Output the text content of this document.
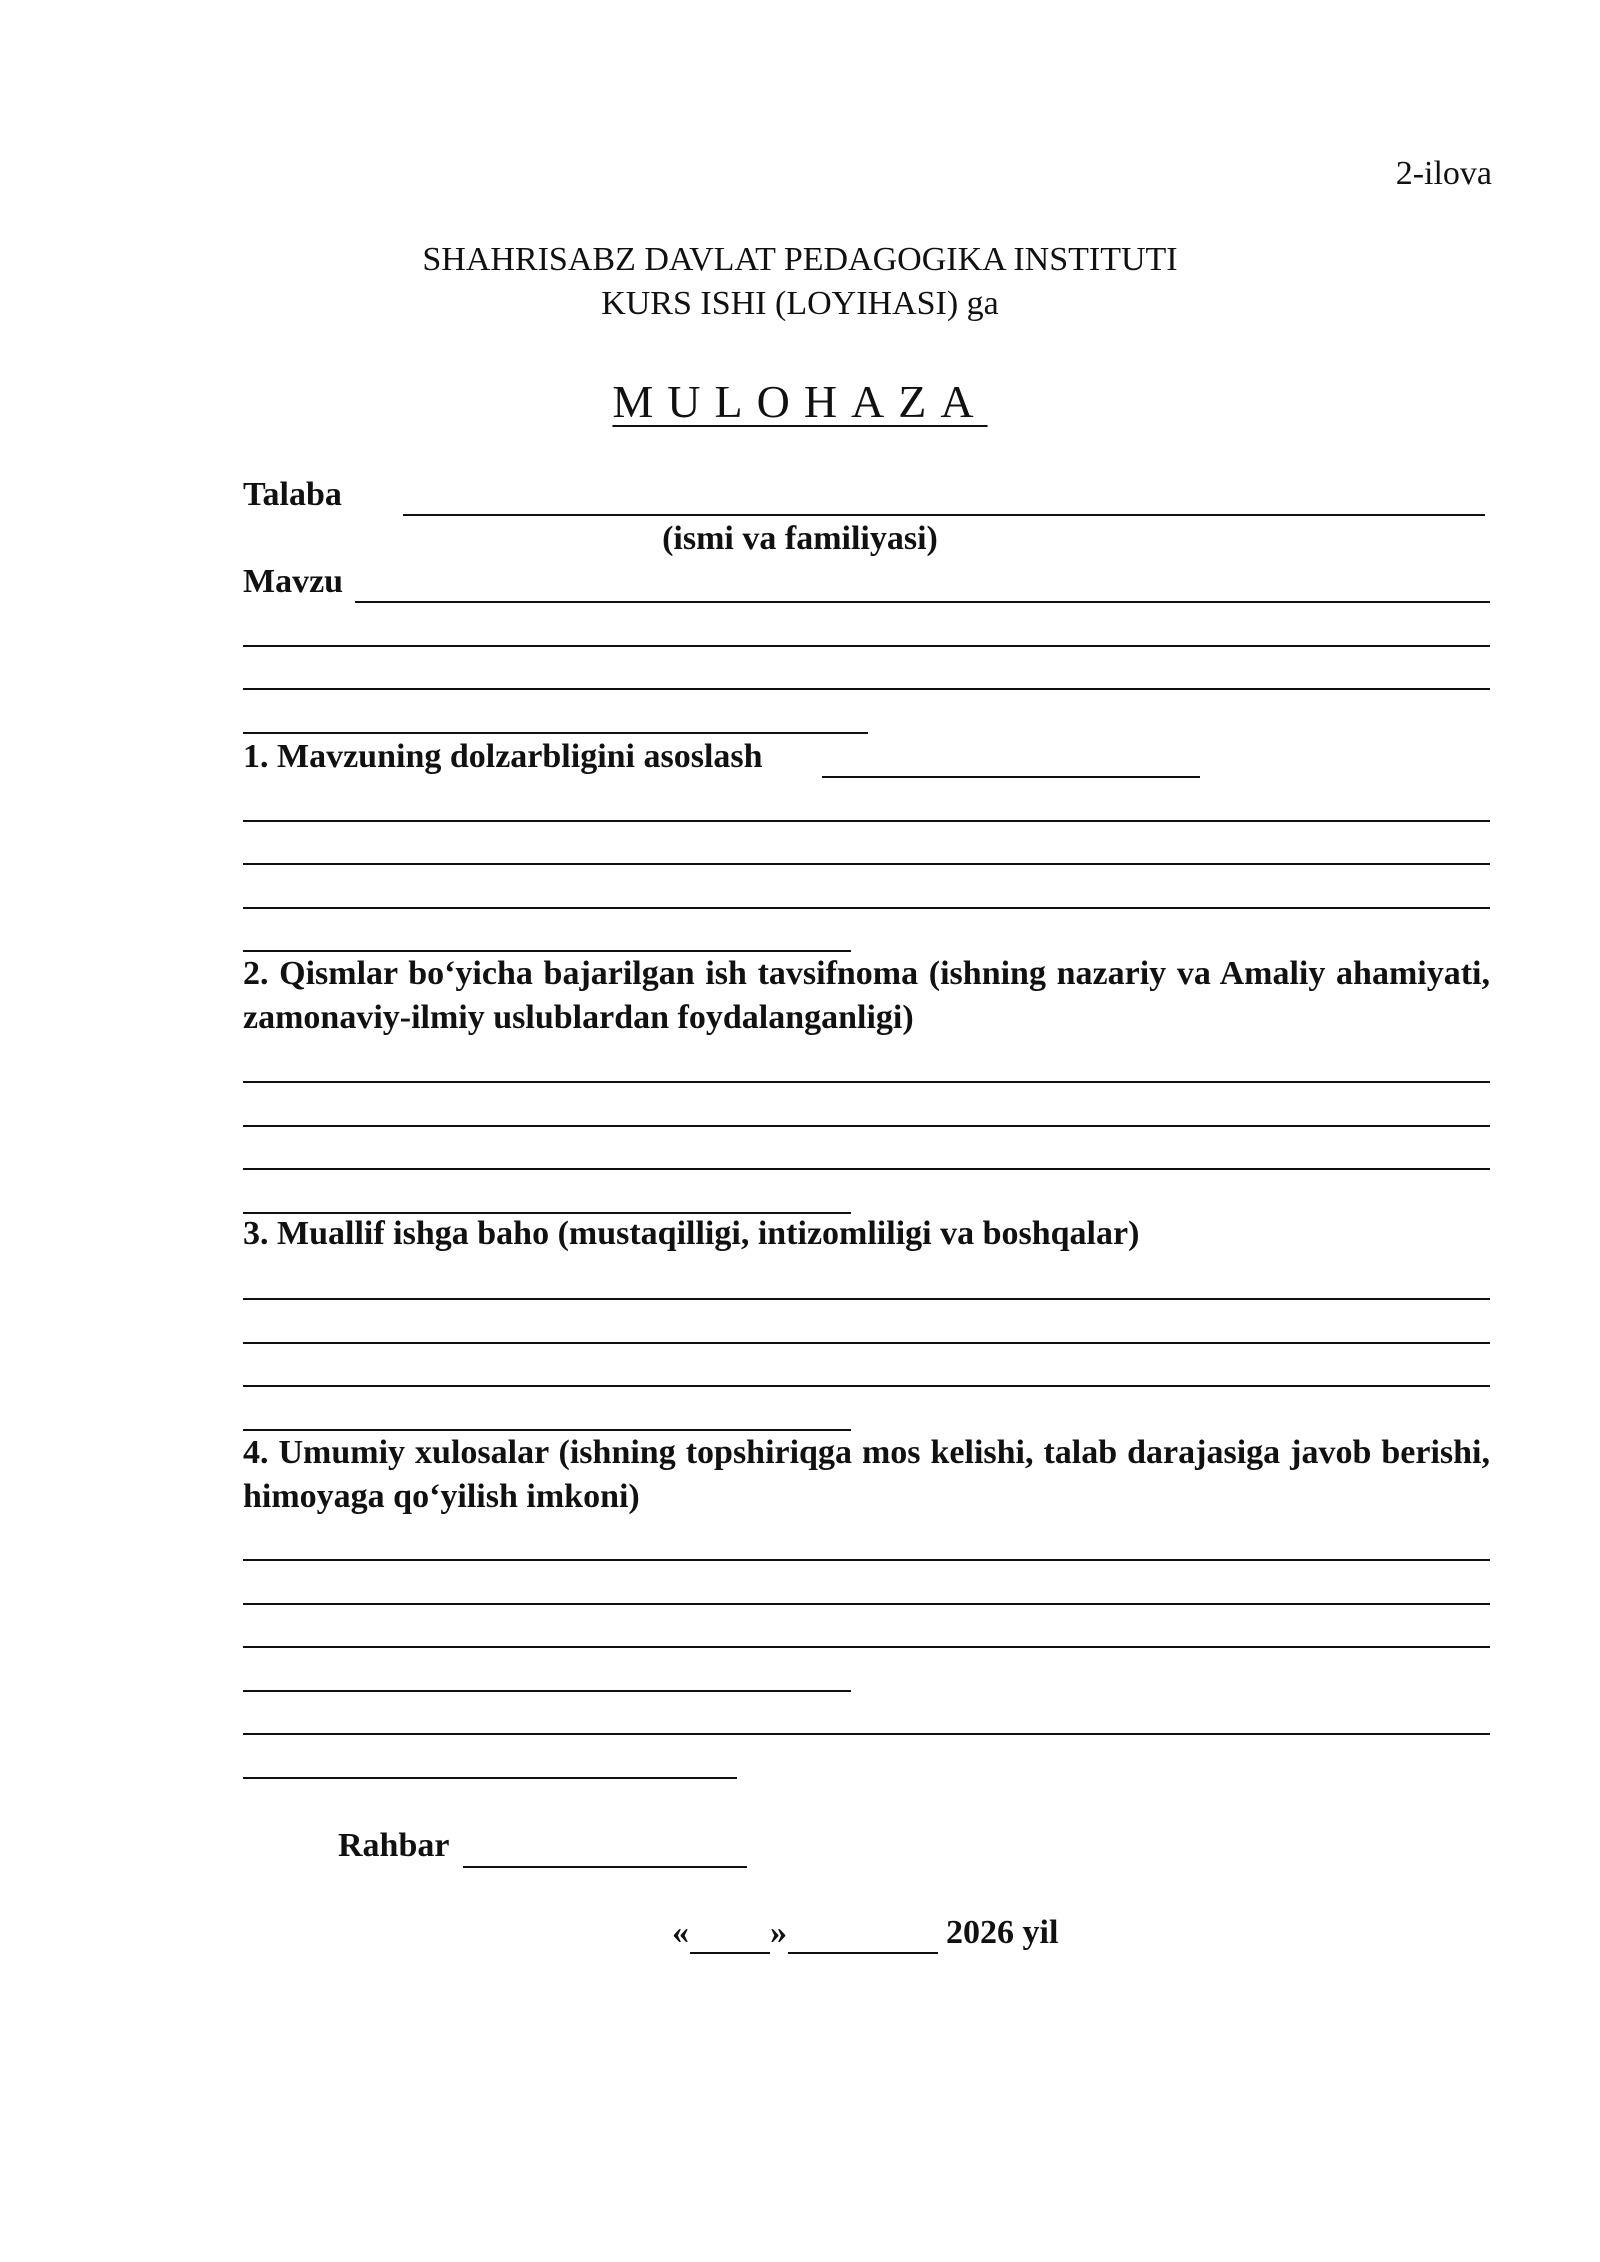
2-ilova
SHAHRISABZ DAVLAT PEDAGOGIKA INSTITUTI
KURS ISHI (LOYIHASI) ga
MULOHAZA
Talaba
(ismi va familiyasi)
Mavzu
1. Mavzuning dolzarbligini asoslash
2. Qismlar bo‘yicha bajarilgan ish tavsifnoma (ishning nazariy va Amaliy ahamiyati, zamonaviy-ilmiy uslublardan foydalanganligi)
3. Muallif ishga baho (mustaqilligi, intizomliligi va boshqalar)
4. Umumiy xulosalar (ishning topshiriqga mos kelishi, talab darajasiga javob berishi, himoyaga qo‘yilish imkoni)
Rahbar
« »	2026 yil
